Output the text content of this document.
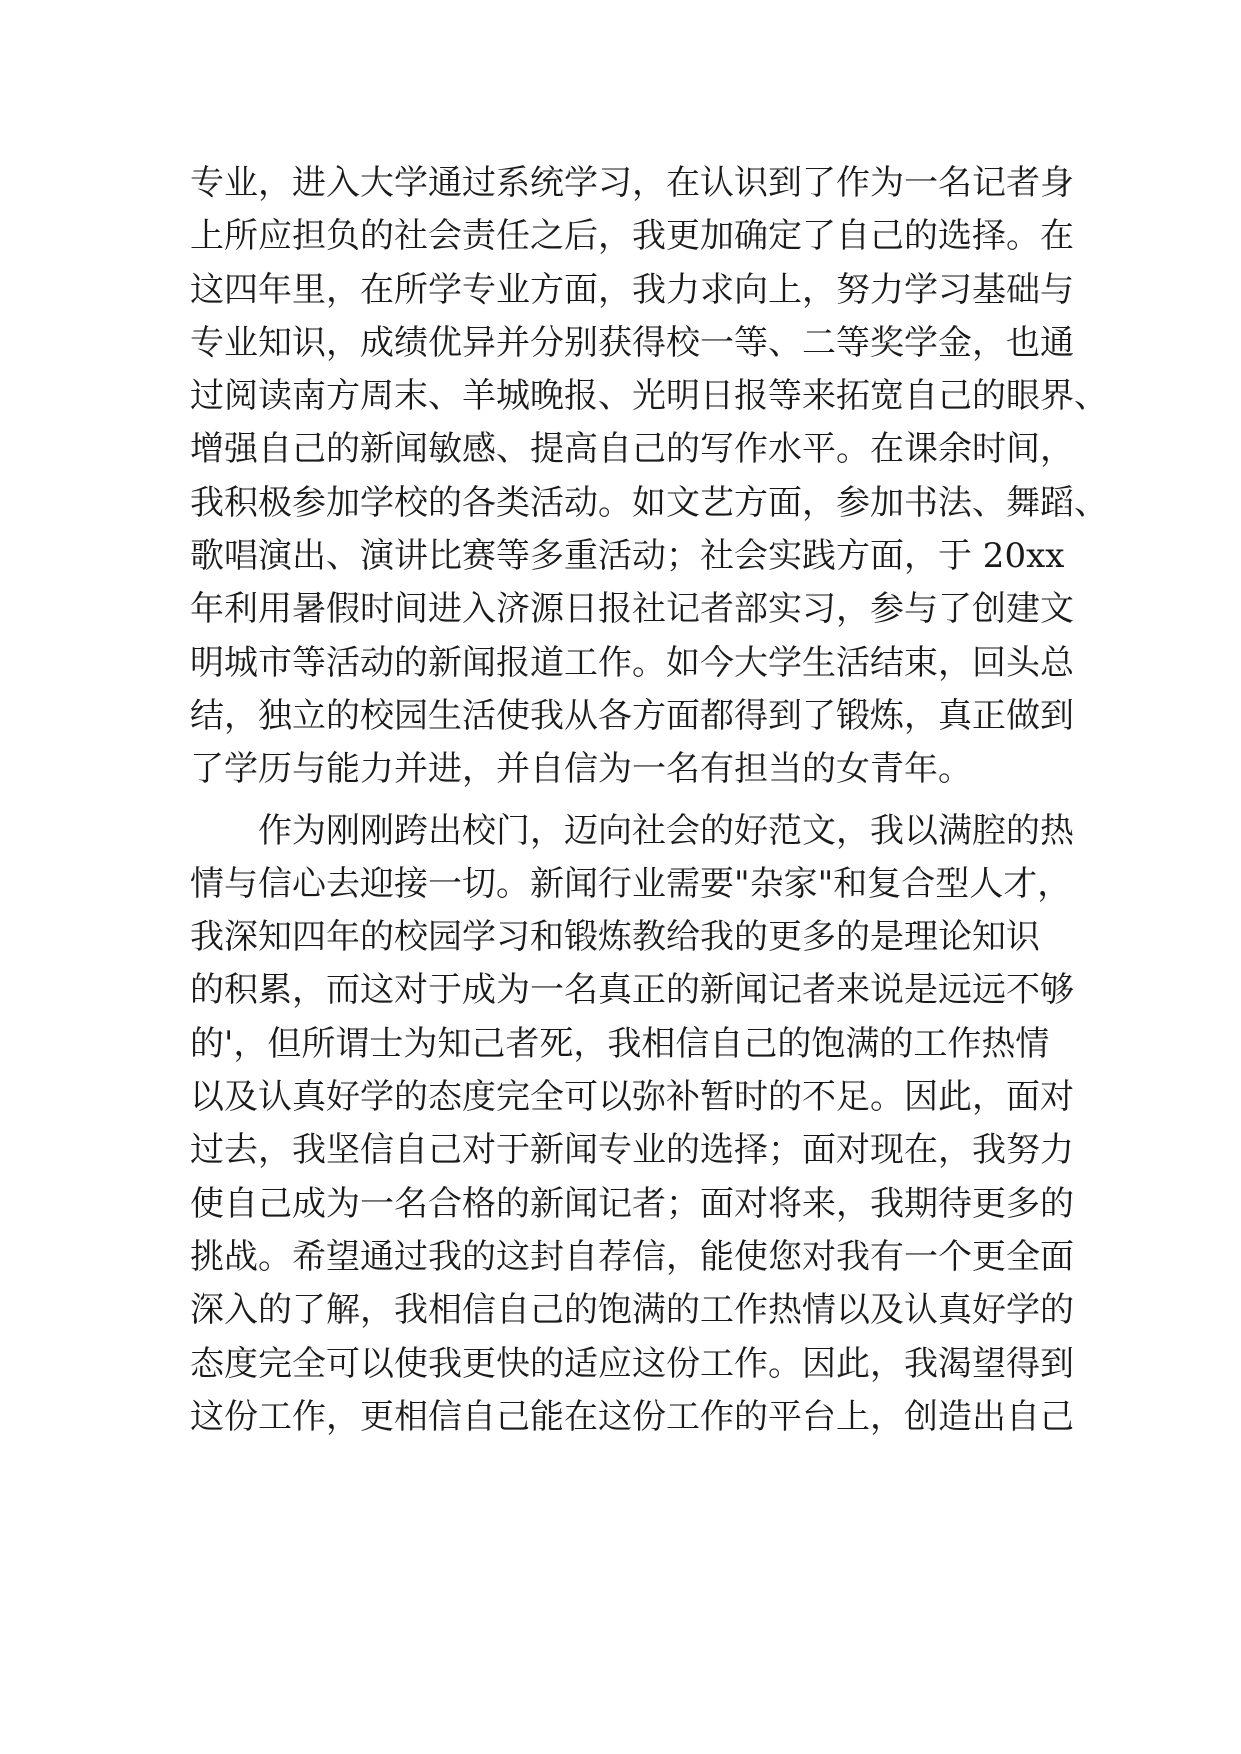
专业，进入大学通过系统学习，在认识到了作为一名记者身
上所应担负的社会责任之后，我更加确定了自己的选择。在
这四年里，在所学专业方面，我力求向上，努力学习基础与
专业知识，成绩优异并分别获得校一等、二等奖学金，也通
过阅读南方周末、羊城晚报、光明日报等来拓宽自己的眼界、
增强自己的新闻敏感、提高自己的写作水平。在课余时间，
我积极参加学校的各类活动。如文艺方面，参加书法、舞蹈、
歌唱演出、演讲比赛等多重活动；社会实践方面，于 20xx
年利用暑假时间进入济源日报社记者部实习，参与了创建文
明城市等活动的新闻报道工作。如今大学生活结束，回头总
结，独立的校园生活使我从各方面都得到了锻炼，真正做到
了学历与能力并进，并自信为一名有担当的女青年。
作为刚刚跨出校门，迈向社会的好范文，我以满腔的热
情与信心去迎接一切。新闻行业需要"杂家"和复合型人才，
我深知四年的校园学习和锻炼教给我的更多的是理论知识
的积累，而这对于成为一名真正的新闻记者来说是远远不够
的'，但所谓士为知己者死，我相信自己的饱满的工作热情
以及认真好学的态度完全可以弥补暂时的不足。因此，面对
过去，我坚信自己对于新闻专业的选择；面对现在，我努力
使自己成为一名合格的新闻记者；面对将来，我期待更多的
挑战。希望通过我的这封自荐信，能使您对我有一个更全面
深入的了解，我相信自己的饱满的工作热情以及认真好学的
态度完全可以使我更快的适应这份工作。因此，我渴望得到
这份工作，更相信自己能在这份工作的平台上，创造出自己
